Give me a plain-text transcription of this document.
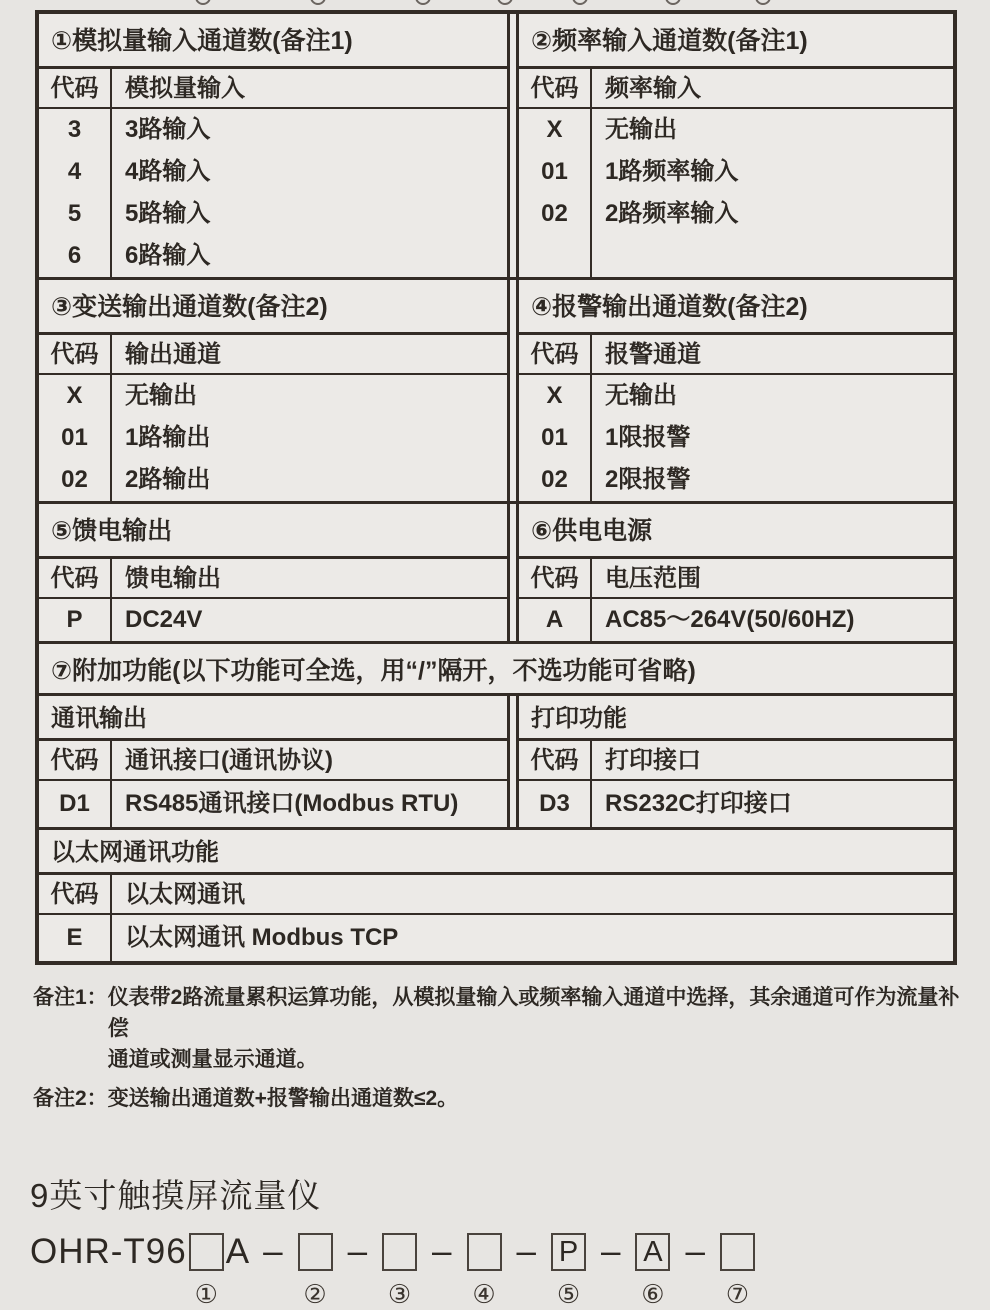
①模拟量输入通道数(备注1)
代码
3
4
5
6
模拟量输入
3路输入
4路输入
5路输入
6路输入
②频率输入通道数(备注1)
代码
X
01
02
频率输入
无输出
1路频率输入
2路频率输入
③变送输出通道数(备注2)
代码
X
01
02
输出通道
无输出
1路输出
2路输出
④报警输出通道数(备注2)
代码
X
01
02
报警通道
无输出
1限报警
2限报警
⑤馈电输出
代码
P
馈电输出
DC24V
⑥供电电源
代码
A
电压范围
AC85～264V(50/60HZ)
⑦附加功能(以下功能可全选，用“/”隔开，不选功能可省略)
通讯输出
代码
D1
通讯接口(通讯协议)
RS485通讯接口(Modbus RTU)
打印功能
代码
D3
打印接口
RS232C打印接口
以太网通讯功能
代码
E
以太网通讯
以太网通讯 Modbus TCP
备注1： 仪表带2路流量累积运算功能，从模拟量输入或频率输入通道中选择，其余通道可作为流量补偿
通道或测量显示通道。
备注2： 变送输出通道数+报警输出通道数≤2。
9英寸触摸屏流量仪
OHR-T96
①
A –
②
–
③
–
④
– P
⑤
– A
⑥
–
⑦
